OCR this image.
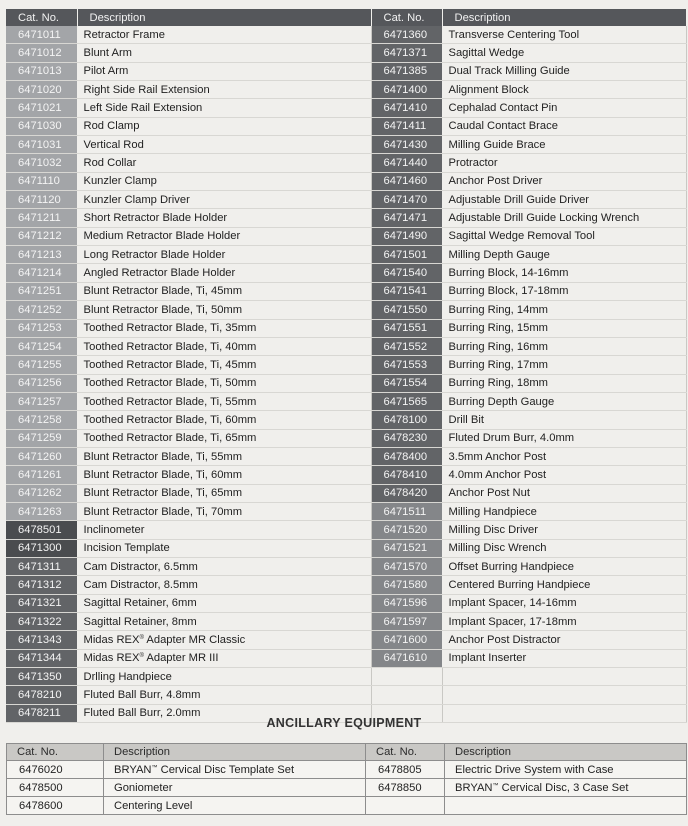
Cat. No.	Description	Cat. No.	Description
6471011	Retractor Frame	6471360	Transverse Centering Tool
6471012	Blunt Arm	6471371	Sagittal Wedge
6471013	Pilot Arm	6471385	Dual Track Milling Guide
6471020	Right Side Rail Extension	6471400	Alignment Block
6471021	Left Side Rail Extension	6471410	Cephalad Contact Pin
6471030	Rod Clamp	6471411	Caudal Contact Brace
6471031	Vertical Rod	6471430	Milling Guide Brace
6471032	Rod Collar	6471440	Protractor
6471110	Kunzler Clamp	6471460	Anchor Post Driver
6471120	Kunzler Clamp Driver	6471470	Adjustable Drill Guide Driver
6471211	Short Retractor Blade Holder	6471471	Adjustable Drill Guide Locking Wrench
6471212	Medium Retractor Blade Holder	6471490	Sagittal Wedge Removal Tool
6471213	Long Retractor Blade Holder	6471501	Milling Depth Gauge
6471214	Angled Retractor Blade Holder	6471540	Burring Block, 14-16mm
6471251	Blunt Retractor Blade, Ti, 45mm	6471541	Burring Block, 17-18mm
6471252	Blunt Retractor Blade, Ti, 50mm	6471550	Burring Ring, 14mm
6471253	Toothed Retractor Blade, Ti, 35mm	6471551	Burring Ring, 15mm
6471254	Toothed Retractor Blade, Ti, 40mm	6471552	Burring Ring, 16mm
6471255	Toothed Retractor Blade, Ti, 45mm	6471553	Burring Ring, 17mm
6471256	Toothed Retractor Blade, Ti, 50mm	6471554	Burring Ring, 18mm
6471257	Toothed Retractor Blade, Ti, 55mm	6471565	Burring Depth Gauge
6471258	Toothed Retractor Blade, Ti, 60mm	6478100	Drill Bit
6471259	Toothed Retractor Blade, Ti, 65mm	6478230	Fluted Drum Burr, 4.0mm
6471260	Blunt Retractor Blade, Ti, 55mm	6478400	3.5mm Anchor Post
6471261	Blunt Retractor Blade, Ti, 60mm	6478410	4.0mm Anchor Post
6471262	Blunt Retractor Blade, Ti, 65mm	6478420	Anchor Post Nut
6471263	Blunt Retractor Blade, Ti, 70mm	6471511	Milling Handpiece
6478501	Inclinometer	6471520	Milling Disc Driver
6471300	Incision Template	6471521	Milling Disc Wrench
6471311	Cam Distractor, 6.5mm	6471570	Offset Burring Handpiece
6471312	Cam Distractor, 8.5mm	6471580	Centered Burring Handpiece
6471321	Sagittal Retainer, 6mm	6471596	Implant Spacer, 14-16mm
6471322	Sagittal Retainer, 8mm	6471597	Implant Spacer, 17-18mm
6471343	Midas REX® Adapter MR Classic	6471600	Anchor Post Distractor
6471344	Midas REX® Adapter MR III	6471610	Implant Inserter
6471350	Drlling Handpiece		
6478210	Fluted Ball Burr, 4.8mm		
6478211	Fluted Ball Burr, 2.0mm		
ANCILLARY EQUIPMENT
Cat. No.	Description	Cat. No.	Description
6476020	BRYAN™ Cervical Disc Template Set	6478805	Electric Drive System with Case
6478500	Goniometer	6478850	BRYAN™ Cervical Disc, 3 Case Set
6478600	Centering Level		
